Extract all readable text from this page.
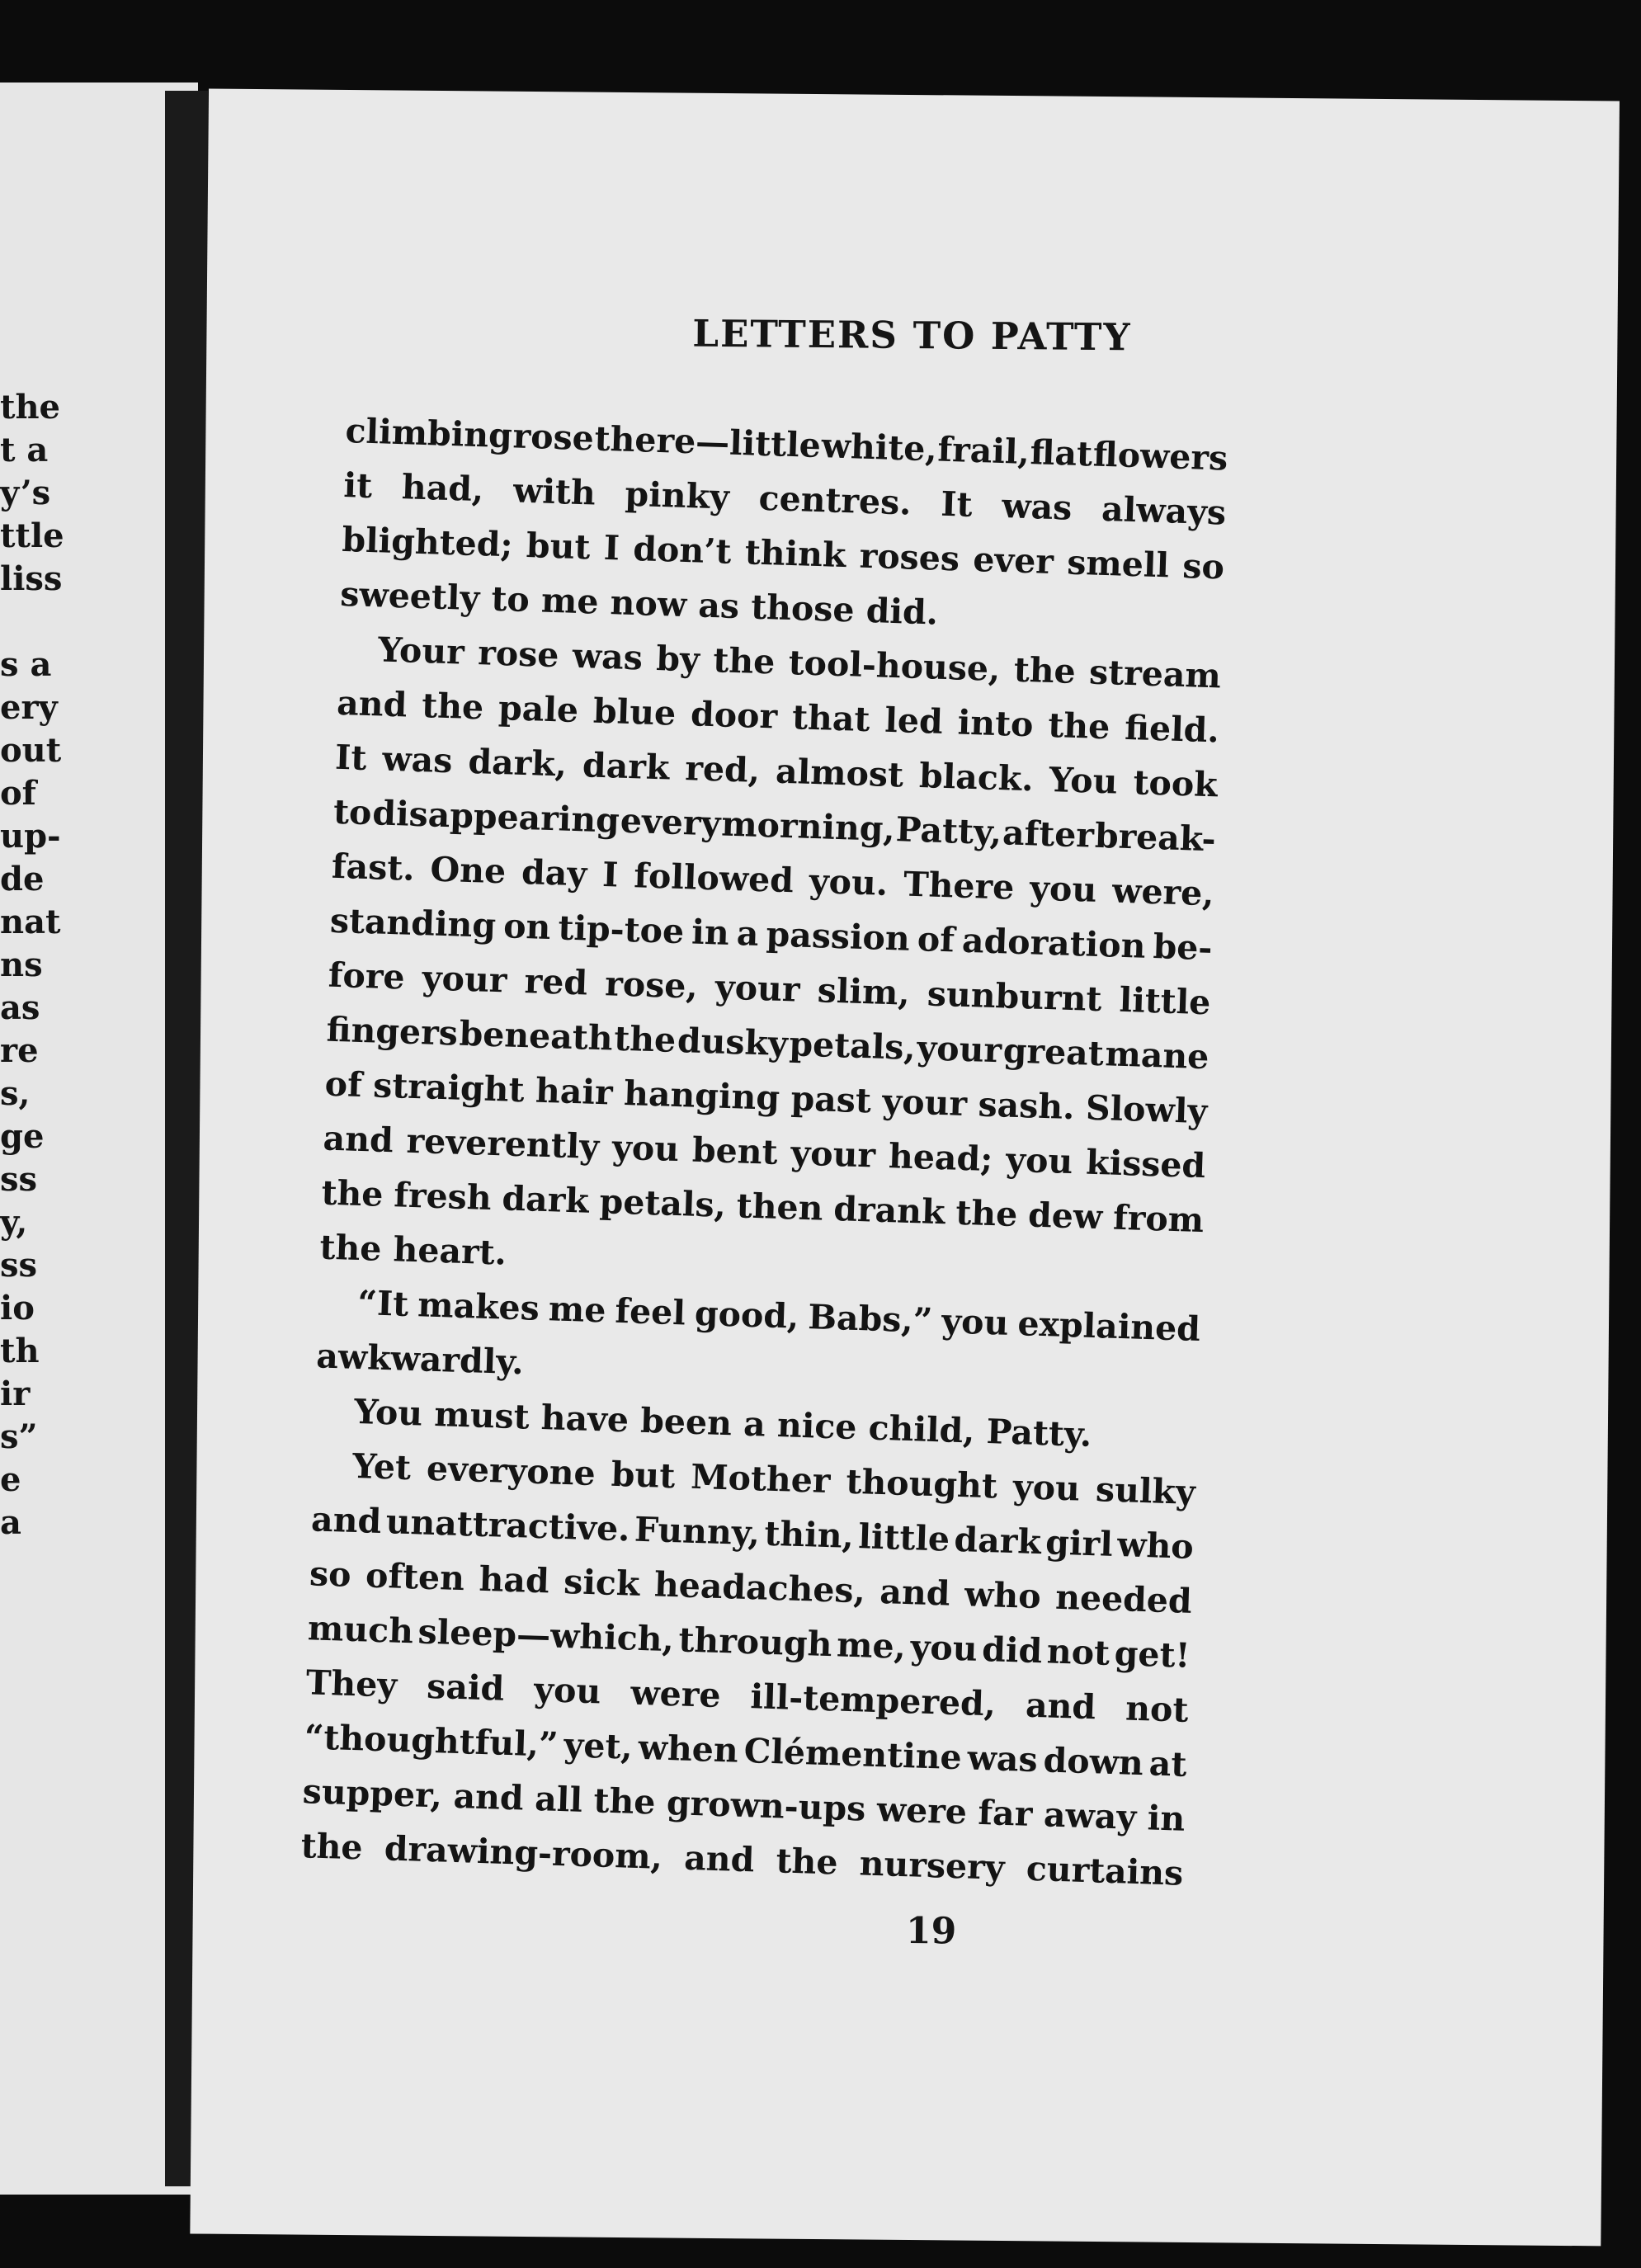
the
t a
y’s
ttle
liss
s a
ery
out
of
up-
de
nat
ns
as
re
s,
ge
ss
y,
ss
io
th
ir
s”
e
a
LETTERS TO PATTY
climbing rose there—little white, frail, flat flowers
it had, with pinky centres. It was always
blighted; but I don’t think roses ever smell so
sweetly to me now as those did.
Your rose was by the tool-house, the stream
and the pale blue door that led into the field.
It was dark, dark red, almost black. You took
to disappearing every morning, Patty, after break-
fast. One day I followed you. There you were,
standing on tip-toe in a passion of adoration be-
fore your red rose, your slim, sunburnt little
fingers beneath the dusky petals, your great mane
of straight hair hanging past your sash. Slowly
and reverently you bent your head; you kissed
the fresh dark petals, then drank the dew from
the heart.
“It makes me feel good, Babs,” you explained
awkwardly.
You must have been a nice child, Patty.
Yet everyone but Mother thought you sulky
and unattractive. Funny, thin, little dark girl who
so often had sick headaches, and who needed
much sleep—which, through me, you did not get!
They said you were ill-tempered, and not
“thoughtful,” yet, when Clémentine was down at
supper, and all the grown-ups were far away in
the drawing-room, and the nursery curtains
19
